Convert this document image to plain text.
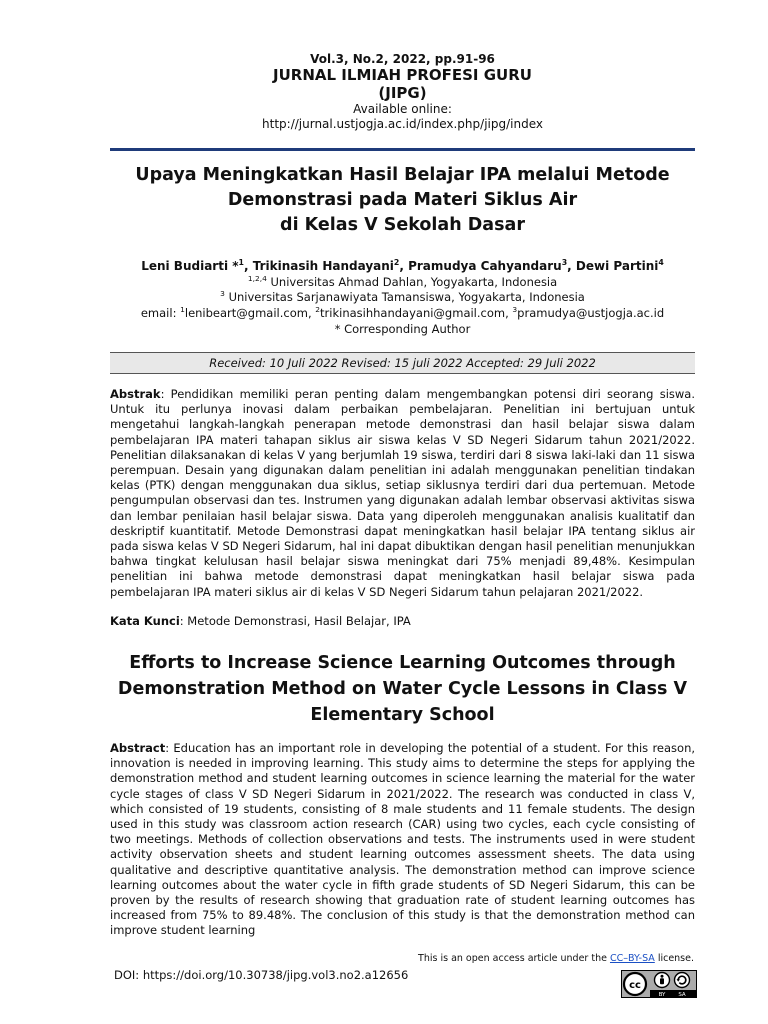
Vol.3, No.2, 2022, pp.91-96
JURNAL ILMIAH PROFESI GURU
(JIPG)
Available online:
http://jurnal.ustjogja.ac.id/index.php/jipg/index
Upaya Meningkatkan Hasil Belajar IPA melalui Metode
Demonstrasi pada Materi Siklus Air
di Kelas V Sekolah Dasar
Leni Budiarti *$^1$, Trikinasih Handayani$^2$, Pramudya Cahyandaru$^3$, Dewi Partini$^4$
$^{1,2,4}$ Universitas Ahmad Dahlan, Yogyakarta, Indonesia
$^3$ Universitas Sarjanawiyata Tamansiswa, Yogyakarta, Indonesia
email: $^1$lenibeart@gmail.com, $^2$trikinasihhandayani@gmail.com, $^3$pramudya@ustjogja.ac.id
* Corresponding Author
Received: 10 Juli 2022 Revised: 15 juli 2022 Accepted: 29 Juli 2022
Abstrak: Pendidikan memiliki peran penting dalam mengembangkan potensi diri seorang siswa. Untuk itu perlunya inovasi dalam perbaikan pembelajaran. Penelitian ini bertujuan untuk mengetahui langkah-langkah penerapan metode demonstrasi dan hasil belajar siswa dalam pembelajaran IPA materi tahapan siklus air siswa kelas V SD Negeri Sidarum tahun 2021/2022. Penelitian dilaksanakan di kelas V yang berjumlah 19 siswa, terdiri dari 8 siswa laki-laki dan 11 siswa perempuan. Desain yang digunakan dalam penelitian ini adalah menggunakan penelitian tindakan kelas (PTK) dengan menggunakan dua siklus, setiap siklusnya terdiri dari dua pertemuan. Metode pengumpulan observasi dan tes. Instrumen yang digunakan adalah lembar observasi aktivitas siswa dan lembar penilaian hasil belajar siswa. Data yang diperoleh menggunakan analisis kualitatif dan deskriptif kuantitatif. Metode Demonstrasi dapat meningkatkan hasil belajar IPA tentang siklus air pada siswa kelas V SD Negeri Sidarum, hal ini dapat dibuktikan dengan hasil penelitian menunjukkan bahwa tingkat kelulusan hasil belajar siswa meningkat dari 75% menjadi 89,48%. Kesimpulan penelitian ini bahwa metode demonstrasi dapat meningkatkan hasil belajar siswa pada pembelajaran IPA materi siklus air di kelas V SD Negeri Sidarum tahun pelajaran 2021/2022.
Kata Kunci: Metode Demonstrasi, Hasil Belajar, IPA
Efforts to Increase Science Learning Outcomes through
Demonstration Method on Water Cycle Lessons in Class V
Elementary School
Abstract: Education has an important role in developing the potential of a student. For this reason, innovation is needed in improving learning. This study aims to determine the steps for applying the demonstration method and student learning outcomes in science learning the material for the water cycle stages of class V SD Negeri Sidarum in 2021/2022. The research was conducted in class V, which consisted of 19 students, consisting of 8 male students and 11 female students. The design used in this study was classroom action research (CAR) using two cycles, each cycle consisting of two meetings. Methods of collection observations and tests. The instruments used in were student activity observation sheets and student learning outcomes assessment sheets. The data using qualitative and descriptive quantitative analysis. The demonstration method can improve science learning outcomes about the water cycle in fifth grade students of SD Negeri Sidarum, this can be proven by the results of research showing that graduation rate of student learning outcomes has increased from 75% to 89.48%. The conclusion of this study is that the demonstration method can improve student learning
This is an open access article under the CC–BY-SA license.
DOI: https://doi.org/10.30738/jipg.vol3.no2.a12656
cc
BY SA
